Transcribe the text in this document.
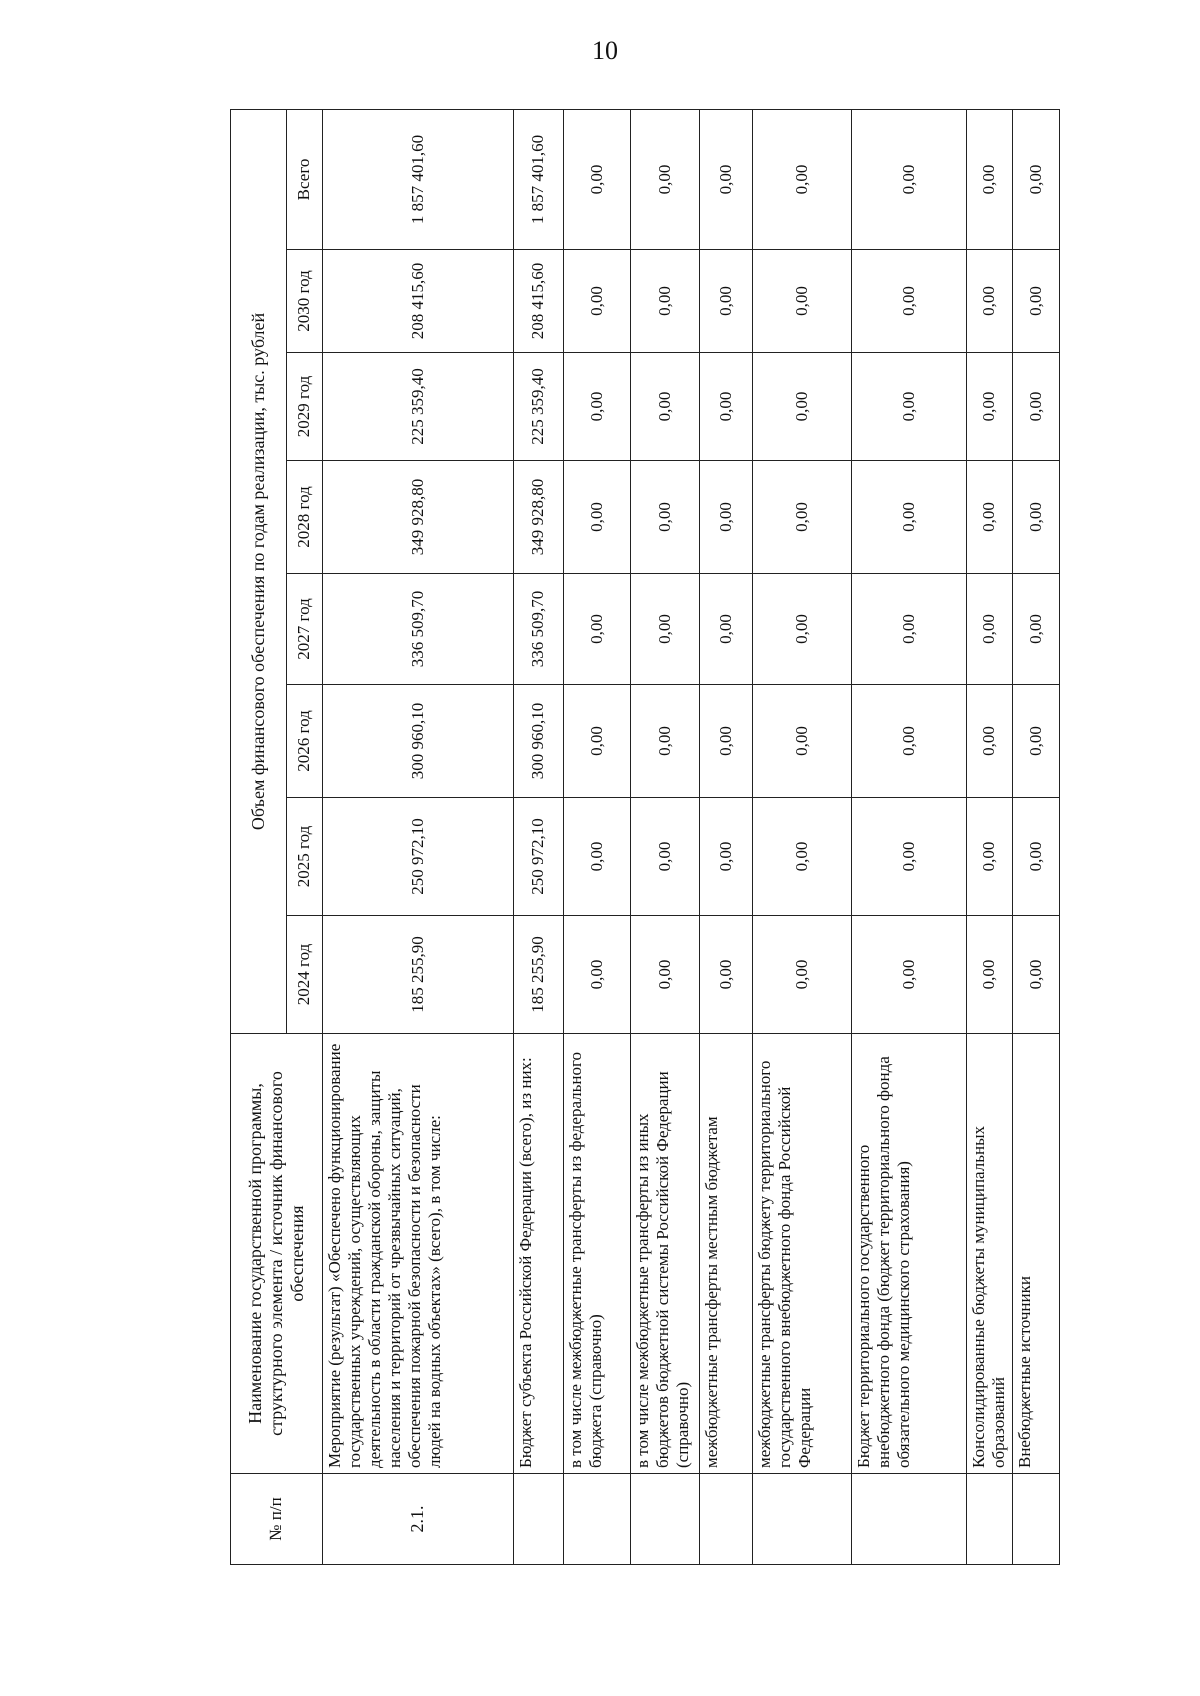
10
№ п/п	Наименование государственной программы, структурного элемента / источник финансового обеспечения	Объем финансового обеспечения по годам реализации, тыс. рублей							
		2024 год	2025 год	2026 год	2027 год	2028 год	2029 год	2030 год	Всего
2.1.	Мероприятие (результат) «Обеспечено функционирование государственных учреждений, осуществляющих деятельность в области гражданской обороны, защиты населения и территорий от чрезвычайных ситуаций, обеспечения пожарной безопасности и безопасности людей на водных объектах» (всего), в том числе:	185 255,90	250 972,10	300 960,10	336 509,70	349 928,80	225 359,40	208 415,60	1 857 401,60
	Бюджет субъекта Российской Федерации (всего), из них:	185 255,90	250 972,10	300 960,10	336 509,70	349 928,80	225 359,40	208 415,60	1 857 401,60
	в том числе межбюджетные трансферты из федерального бюджета (справочно)	0,00	0,00	0,00	0,00	0,00	0,00	0,00	0,00
	в том числе межбюджетные трансферты из иных бюджетов бюджетной системы Российской Федерации (справочно)	0,00	0,00	0,00	0,00	0,00	0,00	0,00	0,00
	межбюджетные трансферты местным бюджетам	0,00	0,00	0,00	0,00	0,00	0,00	0,00	0,00
	межбюджетные трансферты бюджету территориального государственного внебюджетного фонда Российской Федерации	0,00	0,00	0,00	0,00	0,00	0,00	0,00	0,00
	Бюджет территориального государственного внебюджетного фонда (бюджет территориального фонда обязательного медицинского страхования)	0,00	0,00	0,00	0,00	0,00	0,00	0,00	0,00
	Консолидированные бюджеты муниципальных образований	0,00	0,00	0,00	0,00	0,00	0,00	0,00	0,00
	Внебюджетные источники	0,00	0,00	0,00	0,00	0,00	0,00	0,00	0,00
